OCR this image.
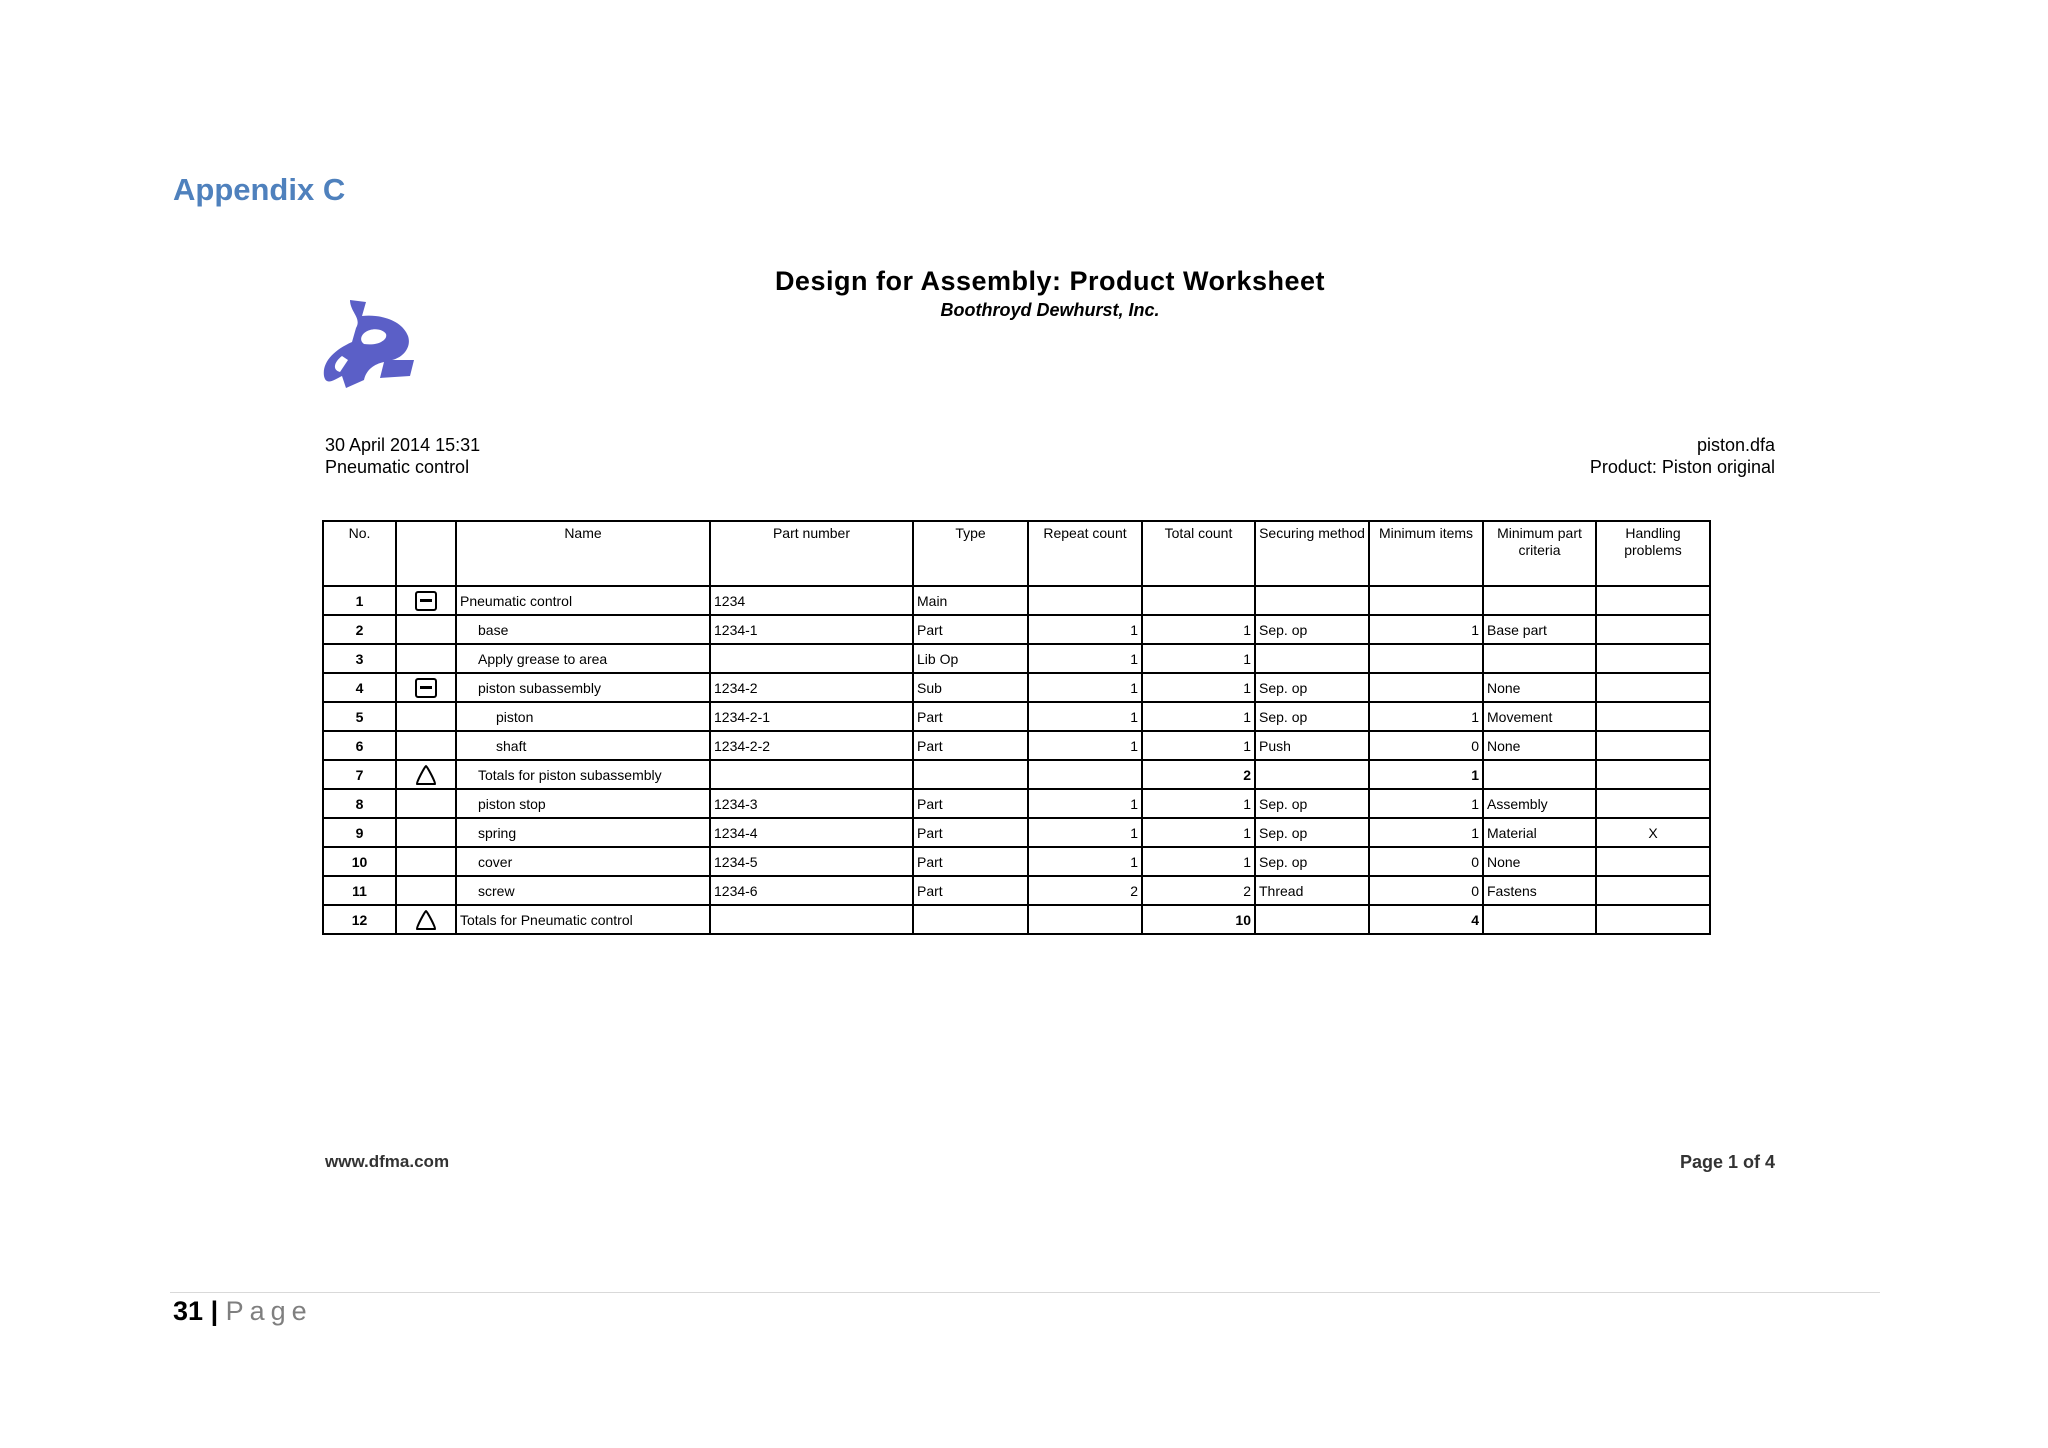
Appendix C
Design for Assembly: Product Worksheet
Boothroyd Dewhurst, Inc.
30 April 2014 15:31
Pneumatic control
piston.dfa
Product: Piston original
No.		Name	Part number	Type	Repeat count	Total count	Securing method	Minimum items	Minimum part criteria	Handling problems
1		Pneumatic control	1234	Main						
2		base	1234-1	Part	1	1	Sep. op	1	Base part	
3		Apply grease to area		Lib Op	1	1				
4		piston subassembly	1234-2	Sub	1	1	Sep. op		None	
5		piston	1234-2-1	Part	1	1	Sep. op	1	Movement	
6		shaft	1234-2-2	Part	1	1	Push	0	None	
7		Totals for piston subassembly				2		1		
8		piston stop	1234-3	Part	1	1	Sep. op	1	Assembly	
9		spring	1234-4	Part	1	1	Sep. op	1	Material	X
10		cover	1234-5	Part	1	1	Sep. op	0	None	
11		screw	1234-6	Part	2	2	Thread	0	Fastens	
12		Totals for Pneumatic control				10		4		
www.dfma.com	Page 1 of 4
31 | Page
